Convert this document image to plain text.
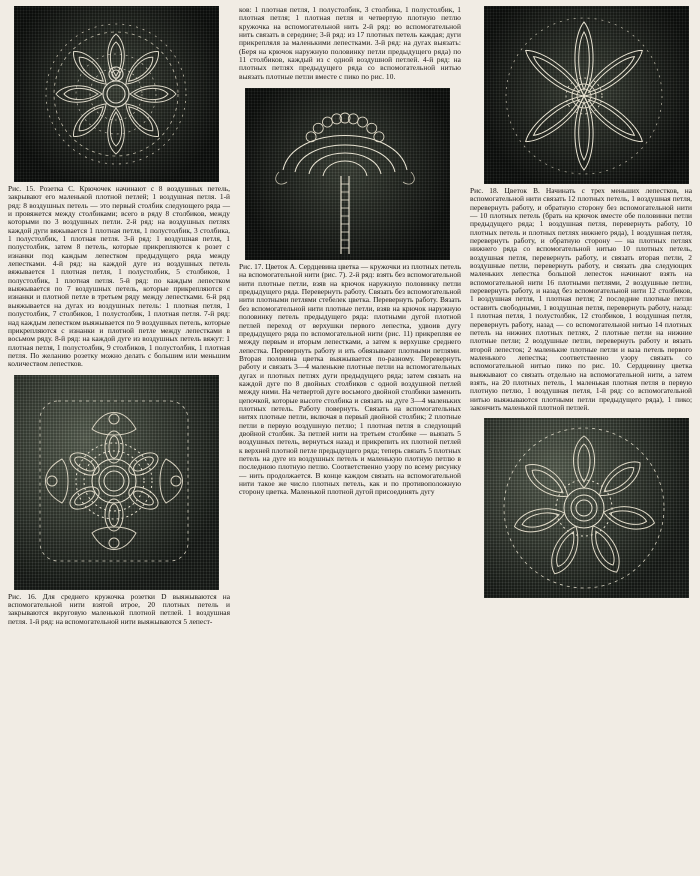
Рис. 15. Розетка С. Крючочек начинают с 8 воздушных петель, закрывают его маленькой плотной петлей; 1 воздушная петля. 1-й ряд: 8 воздушных петель — это первый столбик следующего ряда — и провяжется между столбиками; всего в ряду 8 столбиков, между которыми по 3 воздушных петли. 2-й ряд: на воздушных петлях каждой дуги вяжывается 1 плотная петля, 1 полустолбик, 3 столбика, 1 полустолбик, 1 плотная петля. 3-й ряд: 1 воздушная петля, 1 полустолбик, затем 8 петель, которые прикрепляются к розет с изнанки под каждым лепестком предыдущего ряда между лепестками. 4-й ряд: на каждой дуге из воздушных петель вяжывается 1 плотная петля, 1 полустолбик, 5 столбиков, 1 полустолбик, 1 плотная петля. 5-й ряд: по каждым лепестком выяжывается по 7 воздушных петель, которые прикрепляются с изнанки и плотной петле в третьем ряду между лепестками. 6-й ряд выяжывается на дугах из воздушных петель: 1 плотная петля, 1 полустолбик, 7 столбиков, 1 полустолбик, 1 плотная петля. 7-й ряд: над каждым лепестком выяжывается по 9 воздушных петель, которые прикрепляются с изнанки и плотной петле между лепестками в восьмом ряду. 8-й ряд: на каждой дуге из воздушных петель вяжут: 1 плотная петля, 1 полустолбик, 9 столбиков, 1 полустолбик, 1 плотная петля. По желанию розетку можно делать с большим или меньшим количеством лепестков.

Рис. 16. Для среднего кружочка розетки D выяжываются на вспомогательной нити взятой втрое, 20 плотных петель и закрываются вкруговую маленькой плотной петлей. 1 воздушная петля. 1-й ряд: на вспомогательной нити выяжываются 5 лепест-

ков: 1 плотная петля, 1 полустолбик, 3 столбика, 1 полустолбик, 1 плотная петля; 1 плотная петля и четвертую плотную петлю кружочка на вспомогательной нить 2-й ряд: во вспомогательной нить связать в середине; 3-й ряд: из 17 плотных петель каждая; дуги прикрепляля за маленькими лепестками. 3-й ряд: на дугах выязать: (Беря на крючок наружную половинку петли предыдущего ряда) по 11 столбиков, каждый из с одной воздушной петлей. 4-й ряд: на плотных петлях предыдущего ряда со вспомогательной нитью выязать плотные петли вместе с пико по рис. 10.

Рис. 17. Цветок А. Сердцевина цветка — кружочки из плотных петель на вспомогательной нити (рис. 7). 2-й ряд: взять без вспомогательной нити плотные петли, взяв на крючок наружную половинку петли предыдущего ряда. Перевернуть работу. Связать без вспомогательной нити плотными петлями стебелек цветка. Перевернуть работу. Вязать без вспомогательной нити плотные петли, взяв на крючок наружную половинку петель предыдущего ряда: плотными дугой плотной петлей переход от верхушки первого лепестка, удвоив дугу предыдущего ряда по вспомогательной нити (рис. 11) прикрепляя ее между первым и вторым лепестками, а затем к верхушке среднего лепестка. Перевернуть работу и ить обвязывают плотными петлями. Вторая половина цветка выяжывается по-разному. Перевернуть работу и связать 3—4 маленькие плотные петли на вспомогательных дугах и плотных петлях дуги предыдущего ряда; затем связать на каждой дуге по 8 двойных столбиков с одной воздушной петлей между ними. На четвертой дуге восьмого двойной столбики заменить цепочкой, которые высоте столбика и связать на дуге 3—4 маленьких плотных петель. Работу повернуть. Связать на вспомогательных нитях плотные петли, включая в первый двойной столбик; 2 плотные петли в первую воздушную петлю; 1 плотная петля в следующий двойной столбик. За петлей нити на третьем столбике — выязать 5 воздушных петель, вернуться назад и прикрепить их плотной петлей к верхней плотной петле предыдущего ряда; теперь связать 5 плотных петель на дуге из воздушных петель и маленькую плотную петлю в последнюю плотную петлю. Соответственно узору по всему рисунку — нить продолжается. В конце каждом связать на вспомогательной нити такое же число плотных петель, как и по противоположную сторону цветка. Маленькой плотной дугой присоединять дугу

Рис. 18. Цветок В. Начинать с трех меньших лепестков, на вспомогательной нити связать 12 плотных петель, 1 воздушная петля, перевернуть работу, и обратную сторону без вспомогательной нити — 10 плотных петель (брать на крючок вместе обе половинки петли предыдущего ряда; 1 воздушная петля, перевернуть работу, 10 плотных петель и плотных петлях нижнего ряда), 1 воздушная петля, перевернуть работу, и обратную сторону — на плотных петлях нижнего ряда со вспомогательной нитью 10 плотных петель, воздушная петля, перевернуть работу, и связать вторая петли, 2 воздушные петли, перевернуть работу, и связать два следующих маленьких лепестка большой лепесток начинают взять на вспомогательной нити 16 плотными петлями, 2 воздушные петли, перевернуть работу, и назад без вспомогательной нити 12 столбиков, 1 воздушная петля, 1 плотная петля; 2 последние плотные петли оставить свободными, 1 воздушная петля, перевернуть работу, назад: 1 плотная петля, 1 полустолбик, 12 столбиков, 1 воздушная петля, перевернуть работу, назад — со вспомогательной нитью 14 плотных петель на нижних плотных петлях, 2 плотные петли на нижние плотные петли; 2 воздушные петли, перевернуть работу и вязать второй лепесток; 2 маленькие плотные петли и ваза петель первого маленького лепестка; соответственно узору связать со вспомогательной нитью пико по рис. 10. Сердцевину цветка выяжывают со связать отдельно на вспомогательной нити, а затем взять, на 20 плотных петель, 1 маленькая плотная петля в первую плотную петлю, 1 воздушная петля, 1-й ряд: со вспомогательной нитью выяжываются плотными петли предыдущего ряда), 1 пико; закончить маленькой плотной петлей.
